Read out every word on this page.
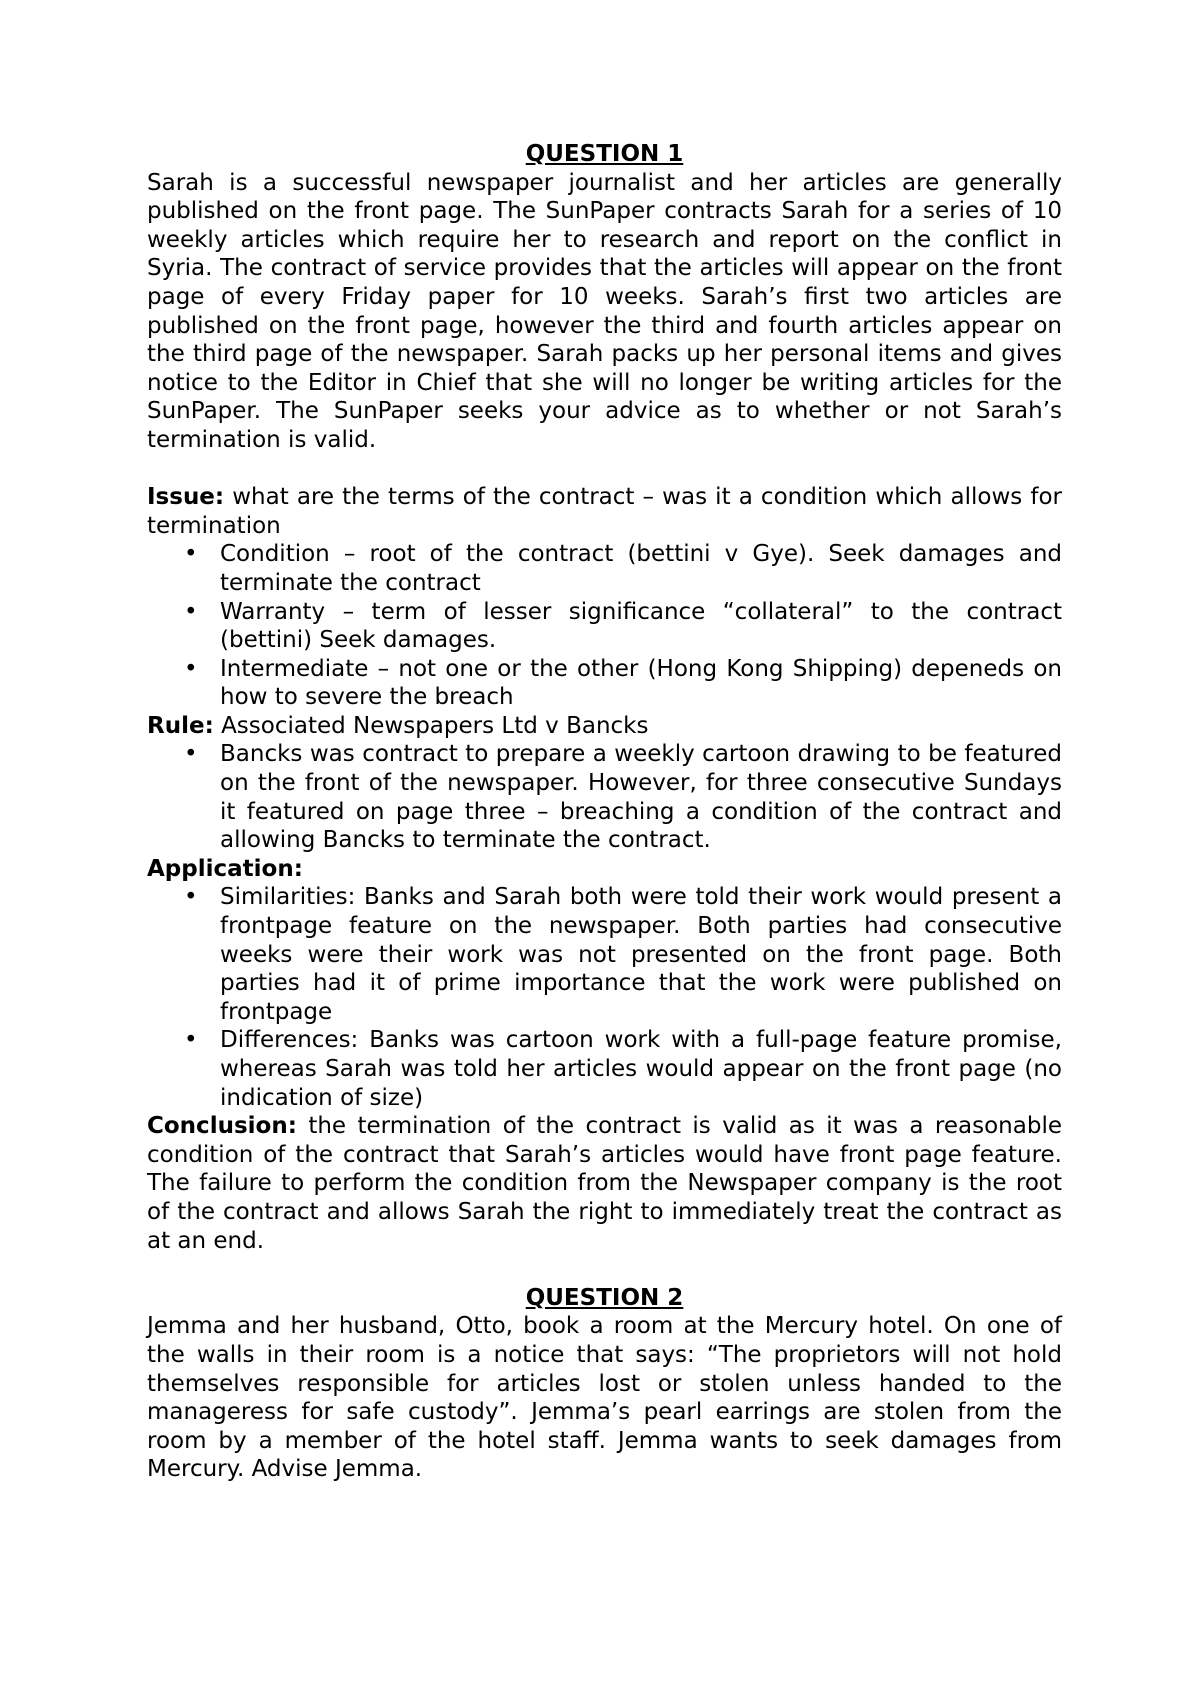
QUESTION 1

Sarah is a successful newspaper journalist and her articles are generally published on the front page. The SunPaper contracts Sarah for a series of 10 weekly articles which require her to research and report on the conflict in Syria. The contract of service provides that the articles will appear on the front page of every Friday paper for 10 weeks. Sarah’s first two articles are published on the front page, however the third and fourth articles appear on the third page of the newspaper. Sarah packs up her personal items and gives notice to the Editor in Chief that she will no longer be writing articles for the SunPaper. The SunPaper seeks your advice as to whether or not Sarah’s termination is valid.

Issue: what are the terms of the contract – was it a condition which allows for termination

• Condition – root of the contract (bettini v Gye). Seek damages and terminate the contract
• Warranty – term of lesser significance “collateral” to the contract (bettini) Seek damages.
• Intermediate – not one or the other (Hong Kong Shipping) depeneds on how to severe the breach

Rule: Associated Newspapers Ltd v Bancks

• Bancks was contract to prepare a weekly cartoon drawing to be featured on the front of the newspaper. However, for three consecutive Sundays it featured on page three – breaching a condition of the contract and allowing Bancks to terminate the contract.

Application:

• Similarities: Banks and Sarah both were told their work would present a frontpage feature on the newspaper. Both parties had consecutive weeks were their work was not presented on the front page. Both parties had it of prime importance that the work were published on frontpage
• Differences: Banks was cartoon work with a full-page feature promise, whereas Sarah was told her articles would appear on the front page (no indication of size)

Conclusion: the termination of the contract is valid as it was a reasonable condition of the contract that Sarah’s articles would have front page feature. The failure to perform the condition from the Newspaper company is the root of the contract and allows Sarah the right to immediately treat the contract as at an end.

QUESTION 2

Jemma and her husband, Otto, book a room at the Mercury hotel. On one of the walls in their room is a notice that says: “The proprietors will not hold themselves responsible for articles lost or stolen unless handed to the manageress for safe custody”. Jemma’s pearl earrings are stolen from the room by a member of the hotel staff. Jemma wants to seek damages from Mercury. Advise Jemma.
